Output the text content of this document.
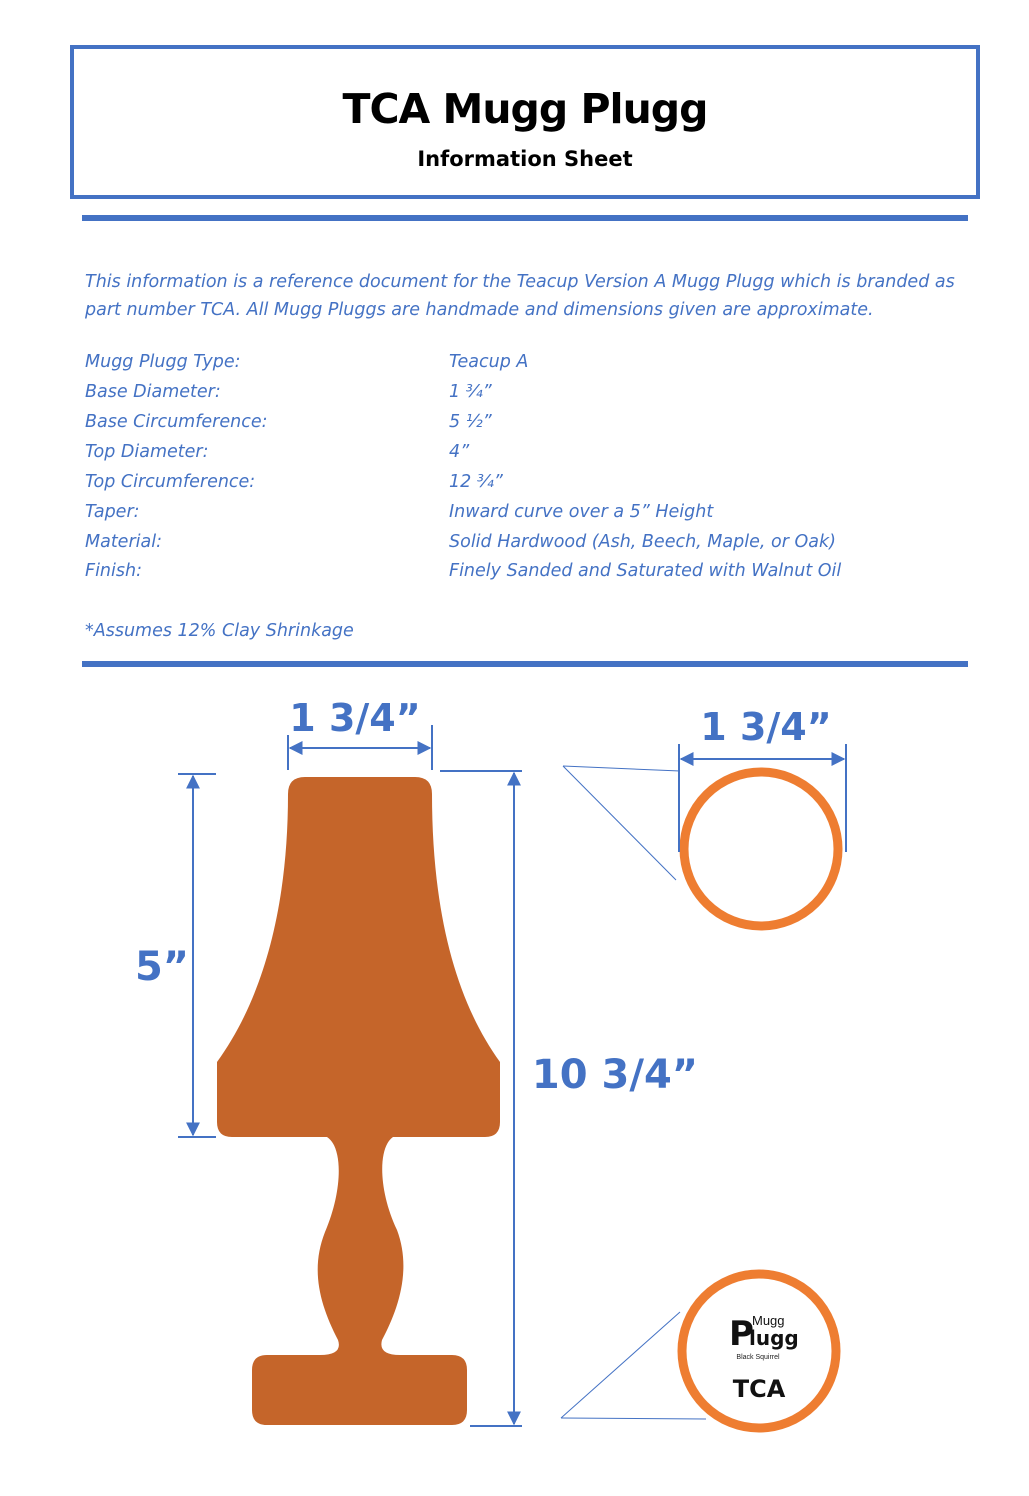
TCA Mugg Plugg
Information Sheet
This information is a reference document for the Teacup Version A Mugg Plugg which is branded as part number TCA. All Mugg Pluggs are handmade and dimensions given are approximate.
Mugg Plugg Type:	Teacup A
Base Diameter:	1 ¾”
Base Circumference:	5 ½”
Top Diameter:	4”
Top Circumference:	12 ¾”
Taper:	Inward curve over a 5” Height
Material:	Solid Hardwood (Ash, Beech, Maple, or Oak)
Finish:	Finely Sanded and Saturated with Walnut Oil
*Assumes 12% Clay Shrinkage
1 3/4”
5”
10 3/4”
1 3/4”
P
Mugg
lugg
Black Squirrel
TCA
